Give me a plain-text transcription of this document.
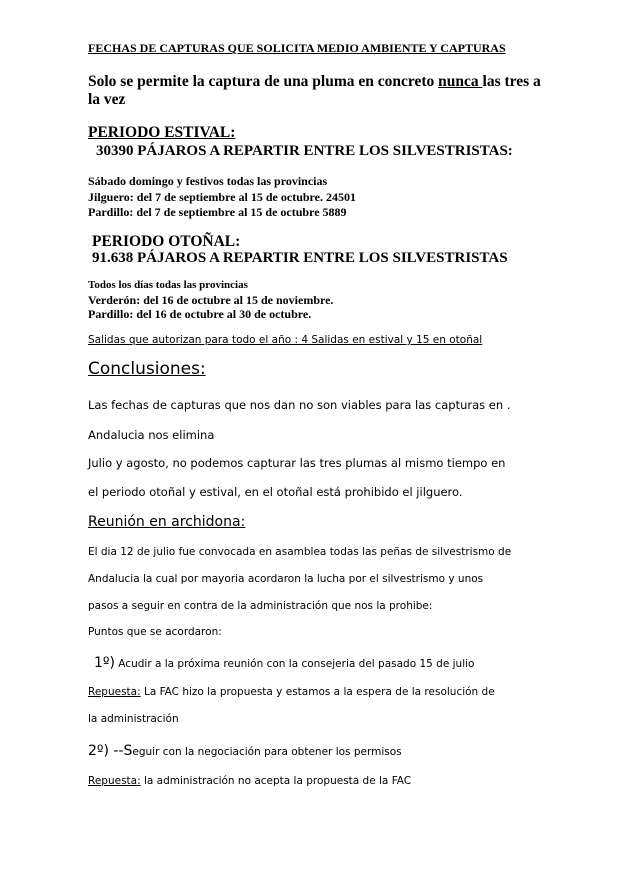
FECHAS DE CAPTURAS QUE SOLICITA MEDIO AMBIENTE Y CAPTURAS
Solo se permite la captura de una pluma en concreto nunca las tres a
la vez
PERIODO ESTIVAL:
30390 PÁJAROS A REPARTIR ENTRE LOS SILVESTRISTAS:
Sábado domingo y festivos todas las provincias
Jilguero: del 7 de septiembre al 15 de octubre. 24501
Pardillo: del 7 de septiembre al 15 de octubre 5889
PERIODO OTOÑAL:
91.638 PÁJAROS A REPARTIR ENTRE LOS SILVESTRISTAS
Todos los días todas las provincias
Verderón: del 16 de octubre al 15 de noviembre.
Pardillo: del 16 de octubre al 30 de octubre.
Salidas que autorizan para todo el año : 4 Salidas en estival y 15 en otoñal
Conclusiones:
Las fechas de capturas que nos dan no son viables para las capturas en .
Andalucia nos elimina
Julio y agosto, no podemos capturar las tres plumas al mismo tiempo en
el periodo otoñal y estival, en el otoñal está prohibido el jilguero.
Reunión en archidona:
El dia 12 de julio fue convocada en asamblea todas las peñas de silvestrismo de
Andalucia la cual por mayoria acordaron la lucha por el silvestrismo y unos
pasos a seguir en contra de la administración que nos la prohibe:
Puntos que se acordaron:
1º) Acudir a la próxima reunión con la consejeria del pasado 15 de julio
Repuesta: La FAC hizo la propuesta y estamos a la espera de la resolución de
la administración
2º) --Seguir con la negociación para obtener los permisos
Repuesta: la administración no acepta la propuesta de la FAC
